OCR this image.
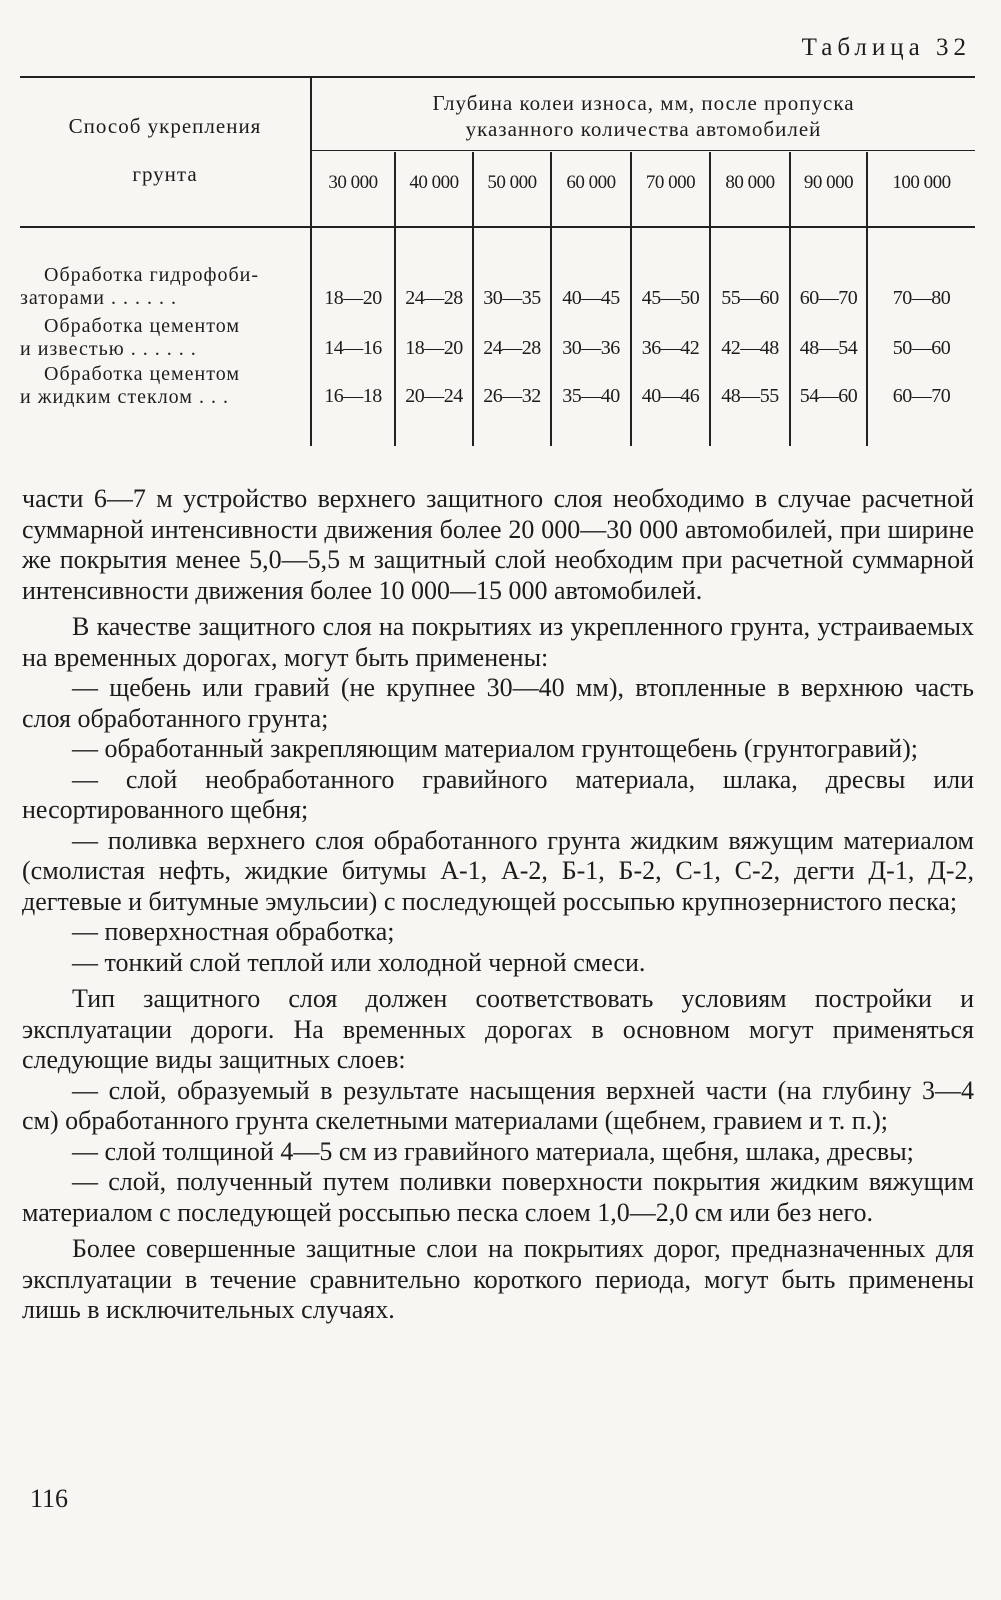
Таблица 32
Способ укрепления
грунта
Глубина колеи износа, мм, после пропуска
указанного количества автомобилей
30 000	40 000	50 000	60 000	70 000	80 000	90 000	100 000
Обработка гидрофоби-
заторами . . . . . .	18—20	24—28	30—35	40—45	45—50	55—60	60—70	70—80
Обработка цементом
и известью . . . . . .	14—16	18—20	24—28	30—36	36—42	42—48	48—54	50—60
Обработка цементом
и жидким стеклом . . .	16—18	20—24	26—32	35—40	40—46	48—55	54—60	60—70

части 6—7 м устройство верхнего защитного слоя необходимо в случае расчетной суммарной интенсивности движения более 20 000—30 000 автомобилей, при ширине же покрытия менее 5,0—5,5 м защитный слой необходим при расчетной суммарной интенсивности движения более 10 000—15 000 автомобилей.

В качестве защитного слоя на покрытиях из укрепленного грунта, устраиваемых на временных дорогах, могут быть применены:

— щебень или гравий (не крупнее 30—40 мм), втопленные в верхнюю часть слоя обработанного грунта;

— обработанный закрепляющим материалом грунтощебень (грунтогравий);

— слой необработанного гравийного материала, шлака, дресвы или несортированного щебня;

— поливка верхнего слоя обработанного грунта жидким вяжущим материалом (смолистая нефть, жидкие битумы А-1, А-2, Б-1, Б-2, С-1, С-2, дегти Д-1, Д-2, дегтевые и битумные эмульсии) с последующей россыпью крупнозернистого песка;

— поверхностная обработка;

— тонкий слой теплой или холодной черной смеси.

Тип защитного слоя должен соответствовать условиям постройки и эксплуатации дороги. На временных дорогах в основном могут применяться следующие виды защитных слоев:

— слой, образуемый в результате насыщения верхней части (на глубину 3—4 см) обработанного грунта скелетными материалами (щебнем, гравием и т. п.);

— слой толщиной 4—5 см из гравийного материала, щебня, шлака, дресвы;

— слой, полученный путем поливки поверхности покрытия жидким вяжущим материалом с последующей россыпью песка слоем 1,0—2,0 см или без него.

Более совершенные защитные слои на покрытиях дорог, предназначенных для эксплуатации в течение сравнительно короткого периода, могут быть применены лишь в исключительных случаях.

116
